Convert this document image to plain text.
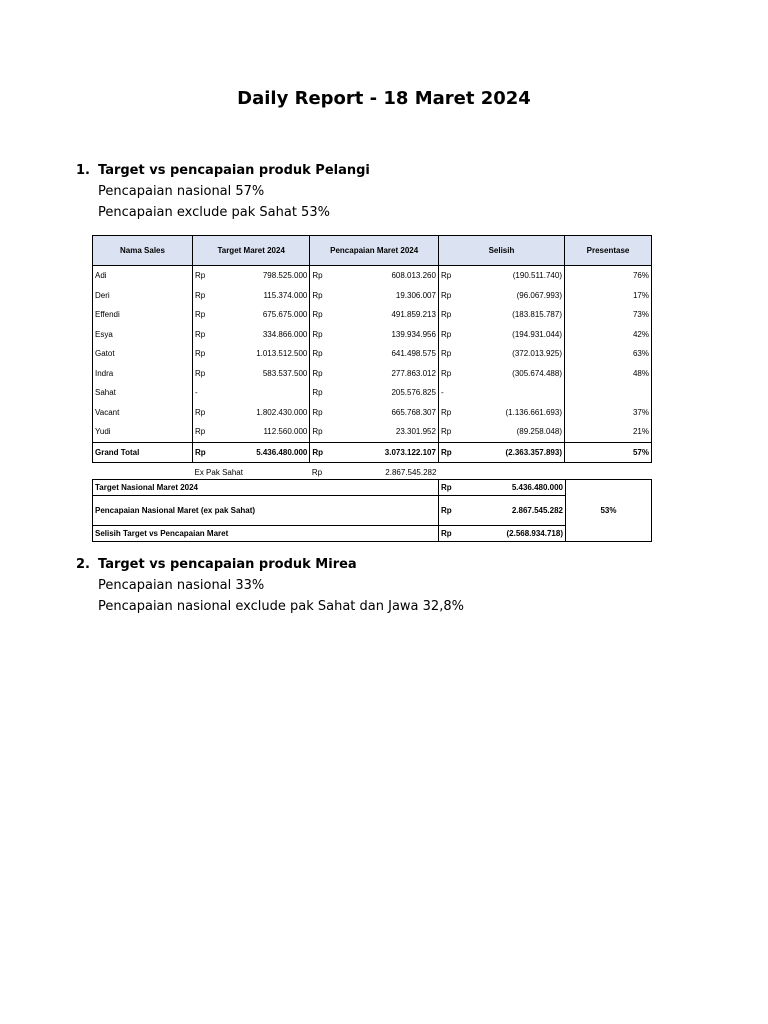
Daily Report - 18 Maret 2024
1. Target vs pencapaian produk Pelangi
Pencapaian nasional 57%
Pencapaian exclude pak Sahat 53%
Nama Sales	Target Maret 2024		Pencapaian Maret 2024		Selisih		Presentase
Adi	Rp	798.525.000	Rp	608.013.260	Rp	(190.511.740)	76%
Deri	Rp	115.374.000	Rp	19.306.007	Rp	(96.067.993)	17%
Effendi	Rp	675.675.000	Rp	491.859.213	Rp	(183.815.787)	73%
Esya	Rp	334.866.000	Rp	139.934.956	Rp	(194.931.044)	42%
Gatot	Rp	1.013.512.500	Rp	641.498.575	Rp	(372.013.925)	63%
Indra	Rp	583.537.500	Rp	277.863.012	Rp	(305.674.488)	48%
Sahat	-		Rp	205.576.825	-		
Vacant	Rp	1.802.430.000	Rp	665.768.307	Rp	(1.136.661.693)	37%
Yudi	Rp	112.560.000	Rp	23.301.952	Rp	(89.258.048)	21%
Grand Total	Rp	5.436.480.000	Rp	3.073.122.107	Rp	(2.363.357.893)	57%
	Ex Pak Sahat		Rp	2.867.545.282			
Target Nasional Maret 2024	Rp	5.436.480.000	53%
Pencapaian Nasional Maret (ex pak Sahat)	Rp	2.867.545.282	
Selisih Target vs Pencapaian Maret	Rp	(2.568.934.718)	
2. Target vs pencapaian produk Mirea
Pencapaian nasional 33%
Pencapaian nasional exclude pak Sahat dan Jawa 32,8%
